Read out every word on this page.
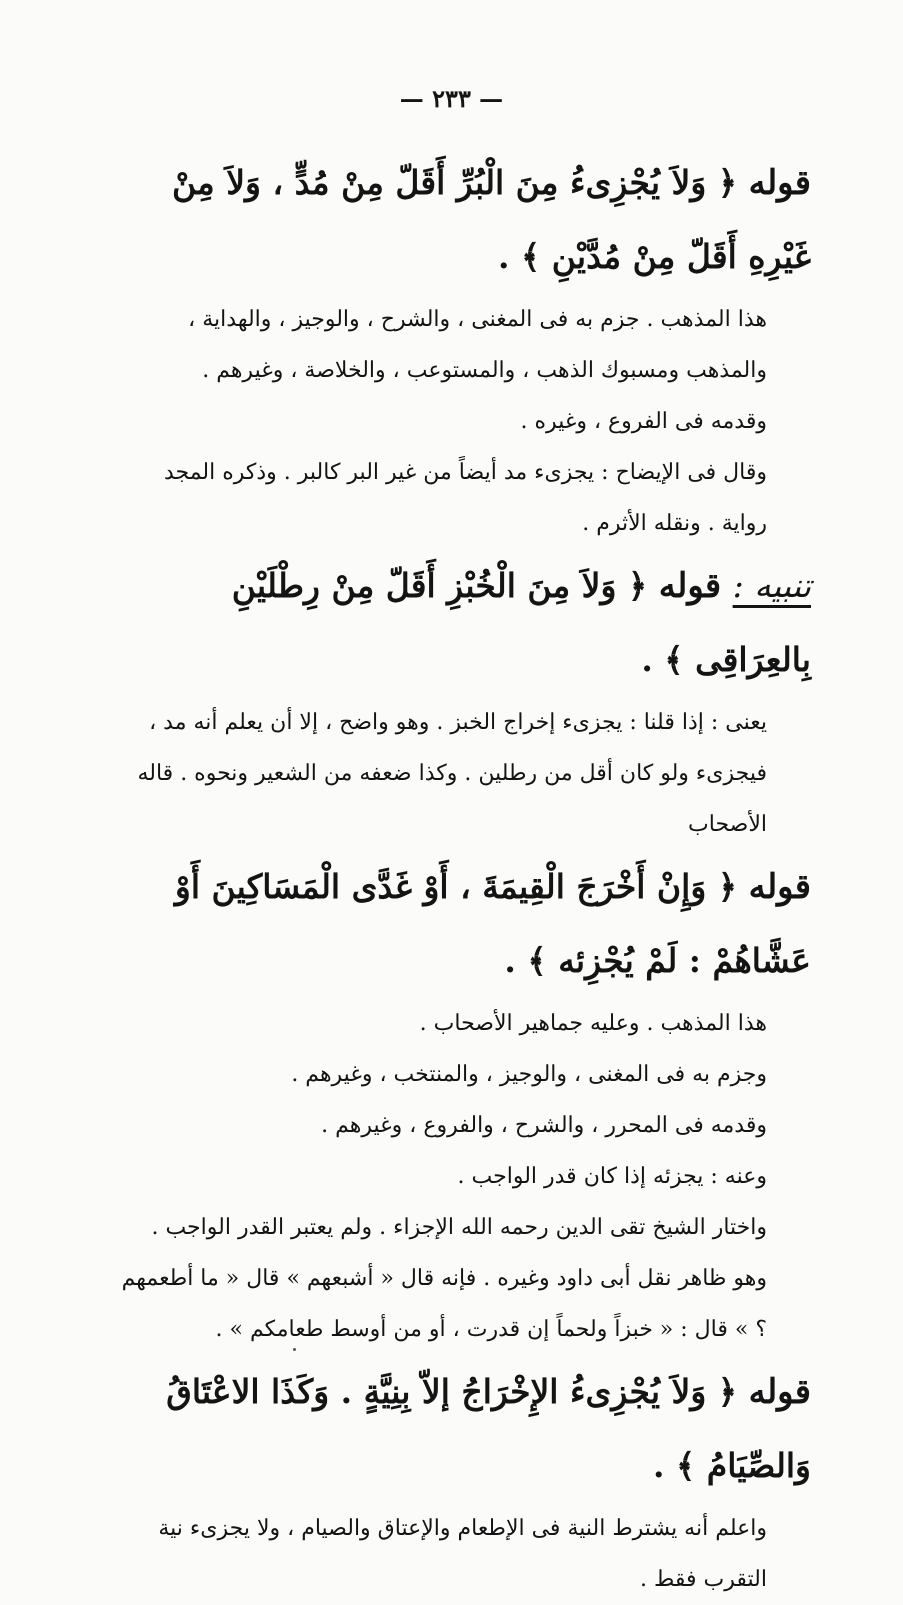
— ٢٣٣ —

قوله ﴿ وَلاَ يُجْزِىءُ مِنَ الْبُرِّ أَقَلّ مِنْ مُدٍّ ، وَلاَ مِنْ غَيْرِهِ أَقَلّ مِنْ مُدَّيْنِ ﴾ .

هذا المذهب . جزم به فى المغنى ، والشرح ، والوجيز ، والهداية ، والمذهب ومسبوك الذهب ، والمستوعب ، والخلاصة ، وغيرهم .

وقدمه فى الفروع ، وغيره .

وقال فى الإيضاح : يجزىء مد أيضاً من غير البر كالبر . وذكره المجد رواية . ونقله الأثرم .

تنبيه : قوله ﴿ وَلاَ مِنَ الْخُبْزِ أَقَلّ مِنْ رِطْلَيْنِ بِالعِرَاقِى ﴾ .

يعنى : إذا قلنا : يجزىء إخراج الخبز . وهو واضح ، إلا أن يعلم أنه مد ، فيجزىء ولو كان أقل من رطلين . وكذا ضعفه من الشعير ونحوه . قاله الأصحاب

قوله ﴿ وَإِنْ أَخْرَجَ الْقِيمَةَ ، أَوْ غَدَّى الْمَسَاكِينَ أَوْ عَشَّاهُمْ : لَمْ يُجْزِئه ﴾ .

هذا المذهب . وعليه جماهير الأصحاب .

وجزم به فى المغنى ، والوجيز ، والمنتخب ، وغيرهم .

وقدمه فى المحرر ، والشرح ، والفروع ، وغيرهم .

وعنه : يجزئه إذا كان قدر الواجب .

واختار الشيخ تقى الدين رحمه الله الإجزاء . ولم يعتبر القدر الواجب . وهو ظاهر نقل أبى داود وغيره . فإنه قال « أشبعهم » قال « ما أطعمهم ؟ » قال : « خبزاً ولحماً إن قدرت ، أو من أوسط طعامكم » .

قوله ﴿ وَلاَ يُجْزِىءُ الإِخْرَاجُ إلاّ بِنِيَّةٍ . وَكَذَا الاعْتَاقُ وَالصِّيَامُ ﴾ .

واعلم أنه يشترط النية فى الإطعام والإعتاق والصيام ، ولا يجزىء نية التقرب فقط .
